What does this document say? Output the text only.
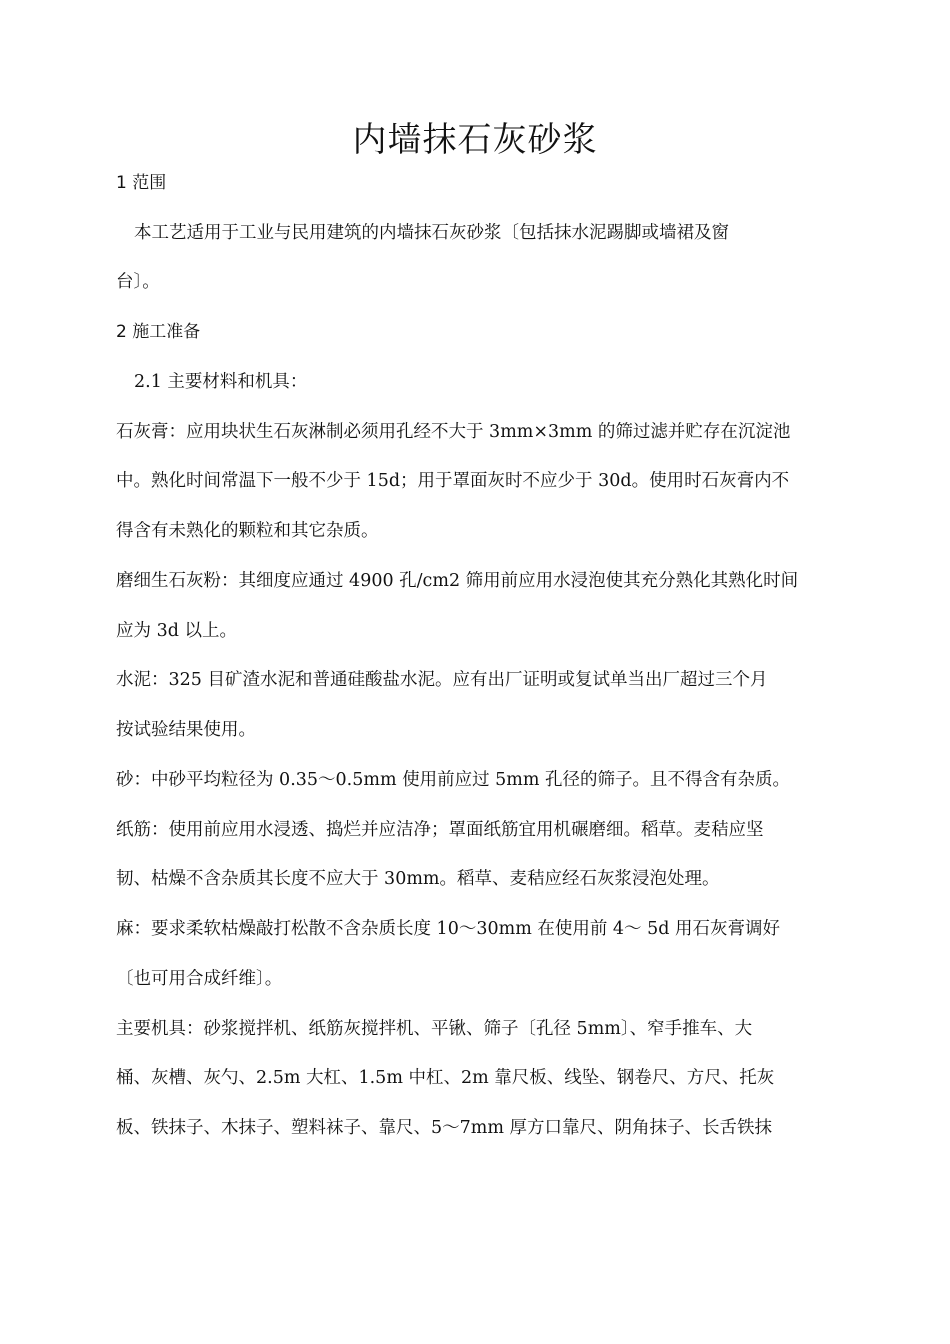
内墙抹石灰砂浆
1 范围
本工艺适用于工业与民用建筑的内墙抹石灰砂浆〔包括抹水泥踢脚或墙裙及窗
台〕。
2 施工准备
2.1 主要材料和机具：
石灰膏：应用块状生石灰淋制必须用孔经不大于 3mm×3mm 的筛过滤并贮存在沉淀池
中。熟化时间常温下一般不少于 15d；用于罩面灰时不应少于 30d。使用时石灰膏内不
得含有未熟化的颗粒和其它杂质。
磨细生石灰粉：其细度应通过 4900 孔/cm2 筛用前应用水浸泡使其充分熟化其熟化时间
应为 3d 以上。
水泥：325 目矿渣水泥和普通硅酸盐水泥。应有出厂证明或复试单当出厂超过三个月
按试验结果使用。
砂：中砂平均粒径为 0.35～0.5mm 使用前应过 5mm 孔径的筛子。且不得含有杂质。
纸筋：使用前应用水浸透、捣烂并应洁净；罩面纸筋宜用机碾磨细。稻草。麦秸应坚
韧、枯燥不含杂质其长度不应大于 30mm。稻草、麦秸应经石灰浆浸泡处理。
麻：要求柔软枯燥敲打松散不含杂质长度 10～30mm 在使用前 4～ 5d 用石灰膏调好
〔也可用合成纤维〕。
主要机具：砂浆搅拌机、纸筋灰搅拌机、平锹、筛子〔孔径 5mm〕、窄手推车、大
桶、灰槽、灰勺、2.5m 大杠、1.5m 中杠、2m 靠尺板、线坠、钢卷尺、方尺、托灰
板、铁抹子、木抹子、塑料袜子、靠尺、5～7mm 厚方口靠尺、阴角抹子、长舌铁抹
